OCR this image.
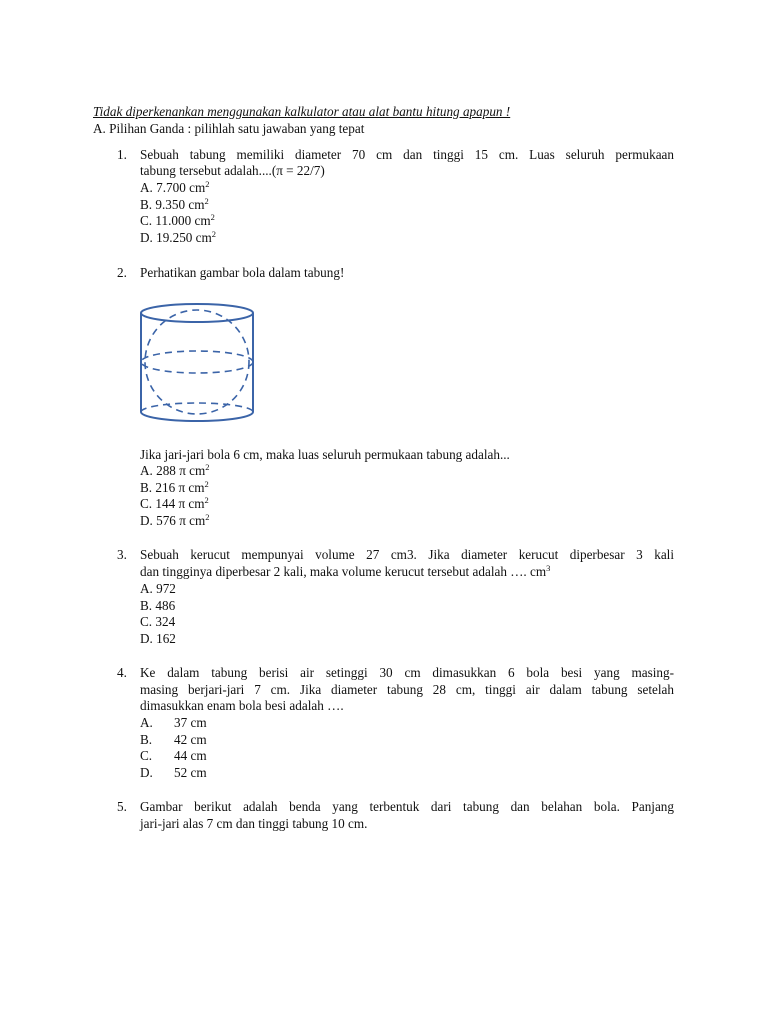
Tidak diperkenankan menggunakan kalkulator atau alat bantu hitung apapun !
A. Pilihan Ganda : pilihlah satu jawaban yang tepat
1. Sebuah tabung memiliki diameter 70 cm dan tinggi 15 cm. Luas seluruh permukaan
tabung tersebut adalah....(π = 22/7)
A. 7.700 $cm^2$
B. 9.350 $cm^2$
C. 11.000 $cm^2$
D. 19.250 $cm^2$
2. Perhatikan gambar bola dalam tabung!
Jika jari-jari bola 6 cm, maka luas seluruh permukaan tabung adalah...
A. 288 π $cm^2$
B. 216 π $cm^2$
C. 144 π $cm^2$
D. 576 π $cm^2$
3. Sebuah kerucut mempunyai volume 27 cm3. Jika diameter kerucut diperbesar 3 kali
dan tingginya diperbesar 2 kali, maka volume kerucut tersebut adalah …. $cm^3$
A. 972
B. 486
C. 324
D. 162
4. Ke dalam tabung berisi air setinggi 30 cm dimasukkan 6 bola besi yang masing-
masing berjari-jari 7 cm. Jika diameter tabung 28 cm, tinggi air dalam tabung setelah
dimasukkan enam bola besi adalah ….
A. 37 cm
B. 42 cm
C. 44 cm
D. 52 cm
5. Gambar berikut adalah benda yang terbentuk dari tabung dan belahan bola. Panjang
jari-jari alas 7 cm dan tinggi tabung 10 cm.
